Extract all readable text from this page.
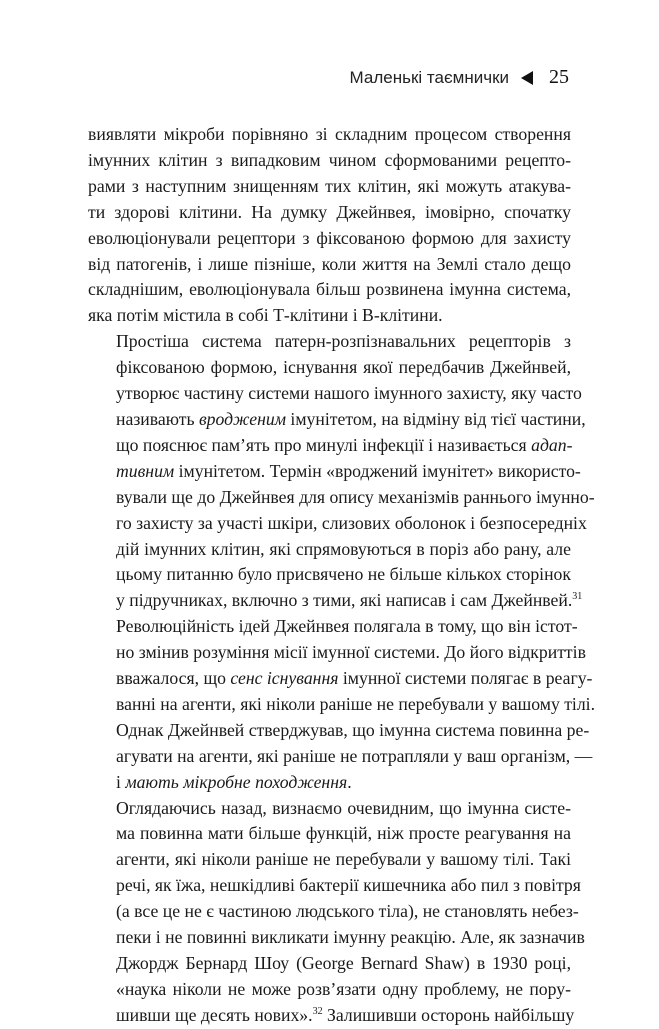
Маленькі таємнички 25

виявляти мікроби порівняно зі складним процесом створення
імунних клітин з випадковим чином сформованими рецепто-
рами з наступним знищенням тих клітин, які можуть атакува-
ти здорові клітини. На думку Джейнвея, імовірно, спочатку
еволюціонували рецептори з фіксованою формою для захисту
від патогенів, і лише пізніше, коли життя на Землі стало дещо
складнішим, еволюціонувала більш розвинена імунна система,
яка потім містила в собі Т-клітини і В-клітини.

Простіша система патерн-розпізнавальних рецепторів з
фіксованою формою, існування якої передбачив Джейнвей,
утворює частину системи нашого імунного захисту, яку часто
називають вродженим імунітетом, на відміну від тієї частини,
що пояснює пам’ять про минулі інфекції і називається адап-
тивним імунітетом. Термін «вроджений імунітет» використо-
вували ще до Джейнвея для опису механізмів раннього імунно-
го захисту за участі шкіри, слизових оболонок і безпосередніх
дій імунних клітин, які спрямовуються в поріз або рану, але
цьому питанню було присвячено не більше кількох сторінок
у підручниках, включно з тими, які написав і сам Джейнвей.$^{31}$
Революційність ідей Джейнвея полягала в тому, що він істот-
но змінив розуміння місії імунної системи. До його відкриттів
вважалося, що сенс існування імунної системи полягає в реагу-
ванні на агенти, які ніколи раніше не перебували у вашому тілі.
Однак Джейнвей стверджував, що імунна система повинна ре-
агувати на агенти, які раніше не потрапляли у ваш організм, —
і мають мікробне походження.

Оглядаючись назад, визнаємо очевидним, що імунна систе-
ма повинна мати більше функцій, ніж просте реагування на
агенти, які ніколи раніше не перебували у вашому тілі. Такі
речі, як їжа, нешкідливі бактерії кишечника або пил з повітря
(а все це не є частиною людського тіла), не становлять небез-
пеки і не повинні викликати імунну реакцію. Але, як зазначив
Джордж Бернард Шоу (George Bernard Shaw) в 1930 році,
«наука ніколи не може розв’язати одну проблему, не пору-
шивши ще десять нових».$^{32}$ Залишивши осторонь найбільшу
